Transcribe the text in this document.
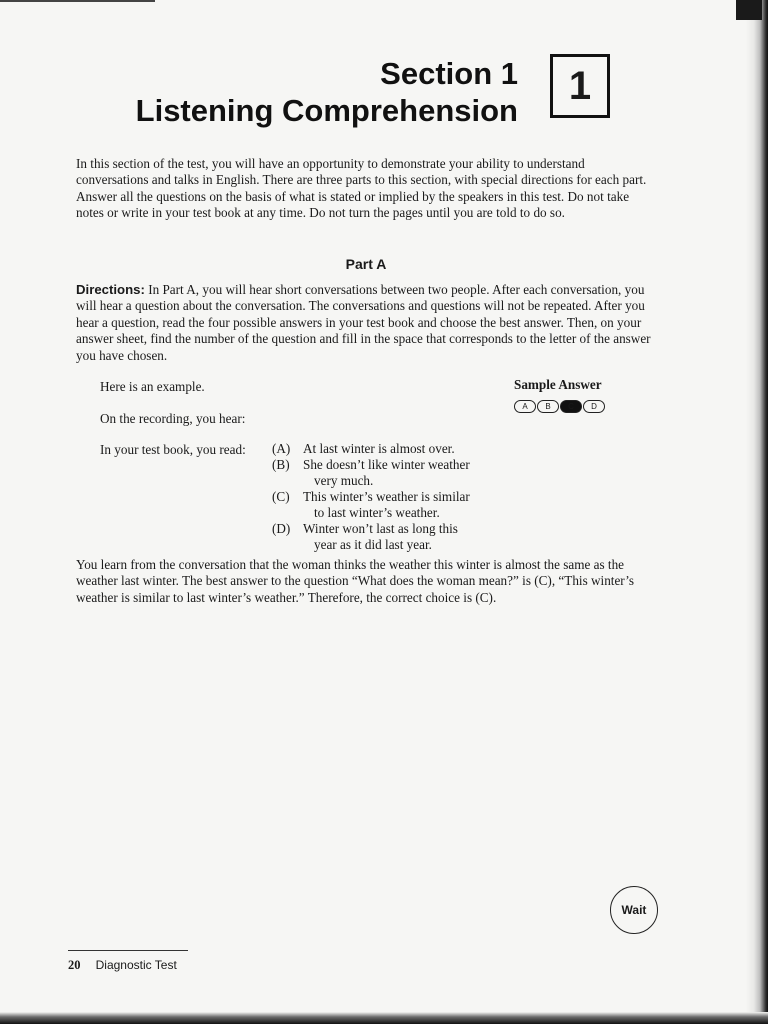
Section 1
Listening Comprehension
1

In this section of the test, you will have an opportunity to demonstrate your ability to understand conversations and talks in English. There are three parts to this section, with special directions for each part. Answer all the questions on the basis of what is stated or implied by the speakers in this test. Do not take notes or write in your test book at any time. Do not turn the pages until you are told to do so.

Part A

Directions: In Part A, you will hear short conversations between two people. After each conversation, you will hear a question about the conversation. The conversations and questions will not be repeated. After you hear a question, read the four possible answers in your test book and choose the best answer. Then, on your answer sheet, find the number of the question and fill in the space that corresponds to the letter of the answer you have chosen.

Here is an example.	Sample Answer
A	B	C	D
On the recording, you hear:
In your test book, you read: (A) At last winter is almost over.
(B)	She doesn’t like winter weather
very much.
(C)	This winter’s weather is similar
to last winter’s weather.
(D) Winter won’t last as long this
year as it did last year.

You learn from the conversation that the woman thinks the weather this winter is almost the same as the weather last winter. The best answer to the question “What does the woman mean?” is (C), “This winter’s weather is similar to last winter’s weather.” Therefore, the correct choice is (C).

20 Diagnostic Test
Wait
